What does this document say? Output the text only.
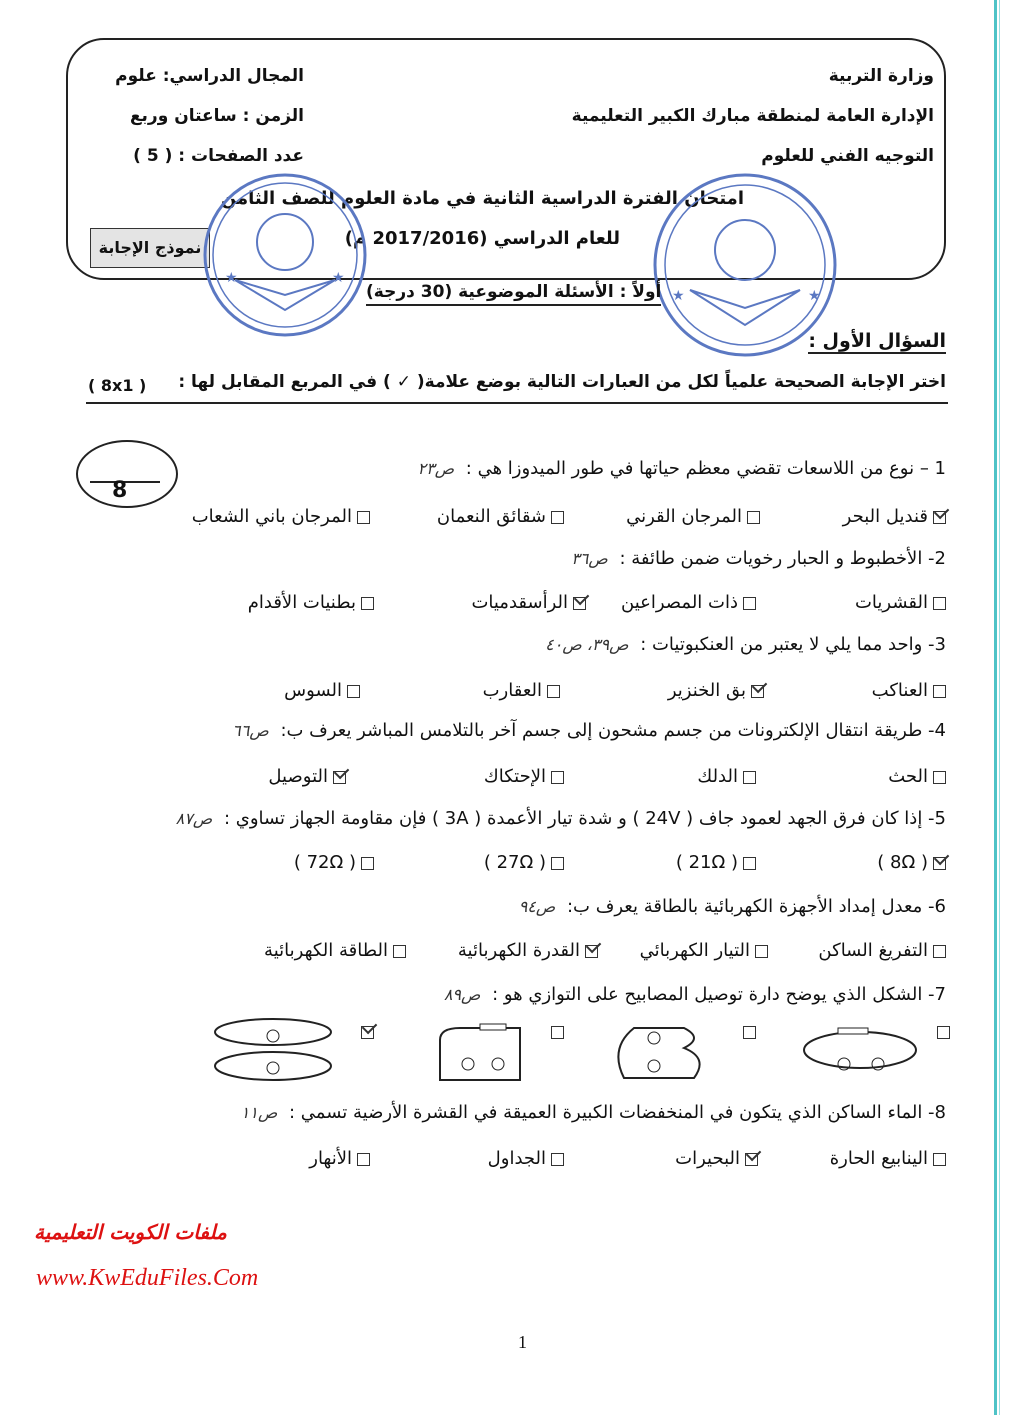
وزارة التربية
الإدارة العامة لمنطقة مبارك الكبير التعليمية
التوجيه الفني للعلوم
امتحان الفترة الدراسية الثانية في مادة العلوم للصف الثامن
للعام الدراسي (2017/2016 م)
المجال الدراسي: علوم
الزمن : ساعتان وربع
عدد الصفحات : ( 5 )
نموذج الإجابة
★	★
★	★
أولاً : الأسئلة الموضوعية (30 درجة)
السؤال الأول :
اختر الإجابة الصحيحة علمياً لكل من العبارات التالية بوضع علامة( ✓ ) في المربع المقابل لها :
( 8x1 )
8
1 – نوع من اللاسعات تقضي معظم حياتها في طور الميدوزا هي : ص٢٣
قنديل البحر
المرجان القرني
شقائق النعمان
المرجان باني الشعاب
2- الأخطبوط و الحبار رخويات ضمن طائفة : ص٣٦
القشريات
ذات المصراعين
الرأسقدميات
بطنيات الأقدام
3- واحد مما يلي لا يعتبر من العنكبوتيات : ص٣٩، ص٤٠
العناكب
بق الخنزير
العقارب
السوس
4- طريقة انتقال الإلكترونات من جسم مشحون إلى جسم آخر بالتلامس المباشر يعرف ب: ص٦٦
الحث
الدلك
الإحتكاك
التوصيل
5- إذا كان فرق الجهد لعمود جاف ( 24V ) و شدة تيار الأعمدة ( 3A ) فإن مقاومة الجهاز تساوي : ص٨٧
( 8Ω )
( 21Ω )
( 27Ω )
( 72Ω )
6- معدل إمداد الأجهزة الكهربائية بالطاقة يعرف ب: ص٩٤
التفريغ الساكن
التيار الكهربائي
القدرة الكهربائية
الطاقة الكهربائية
7- الشكل الذي يوضح دارة توصيل المصابيح على التوازي هو : ص٨٩
8- الماء الساكن الذي يتكون في المنخفضات الكبيرة العميقة في القشرة الأرضية تسمي : ص١١
الينابيع الحارة
البحيرات
الجداول
الأنهار
ملفات الكويت التعليمية
www.KwEduFiles.Com
1
